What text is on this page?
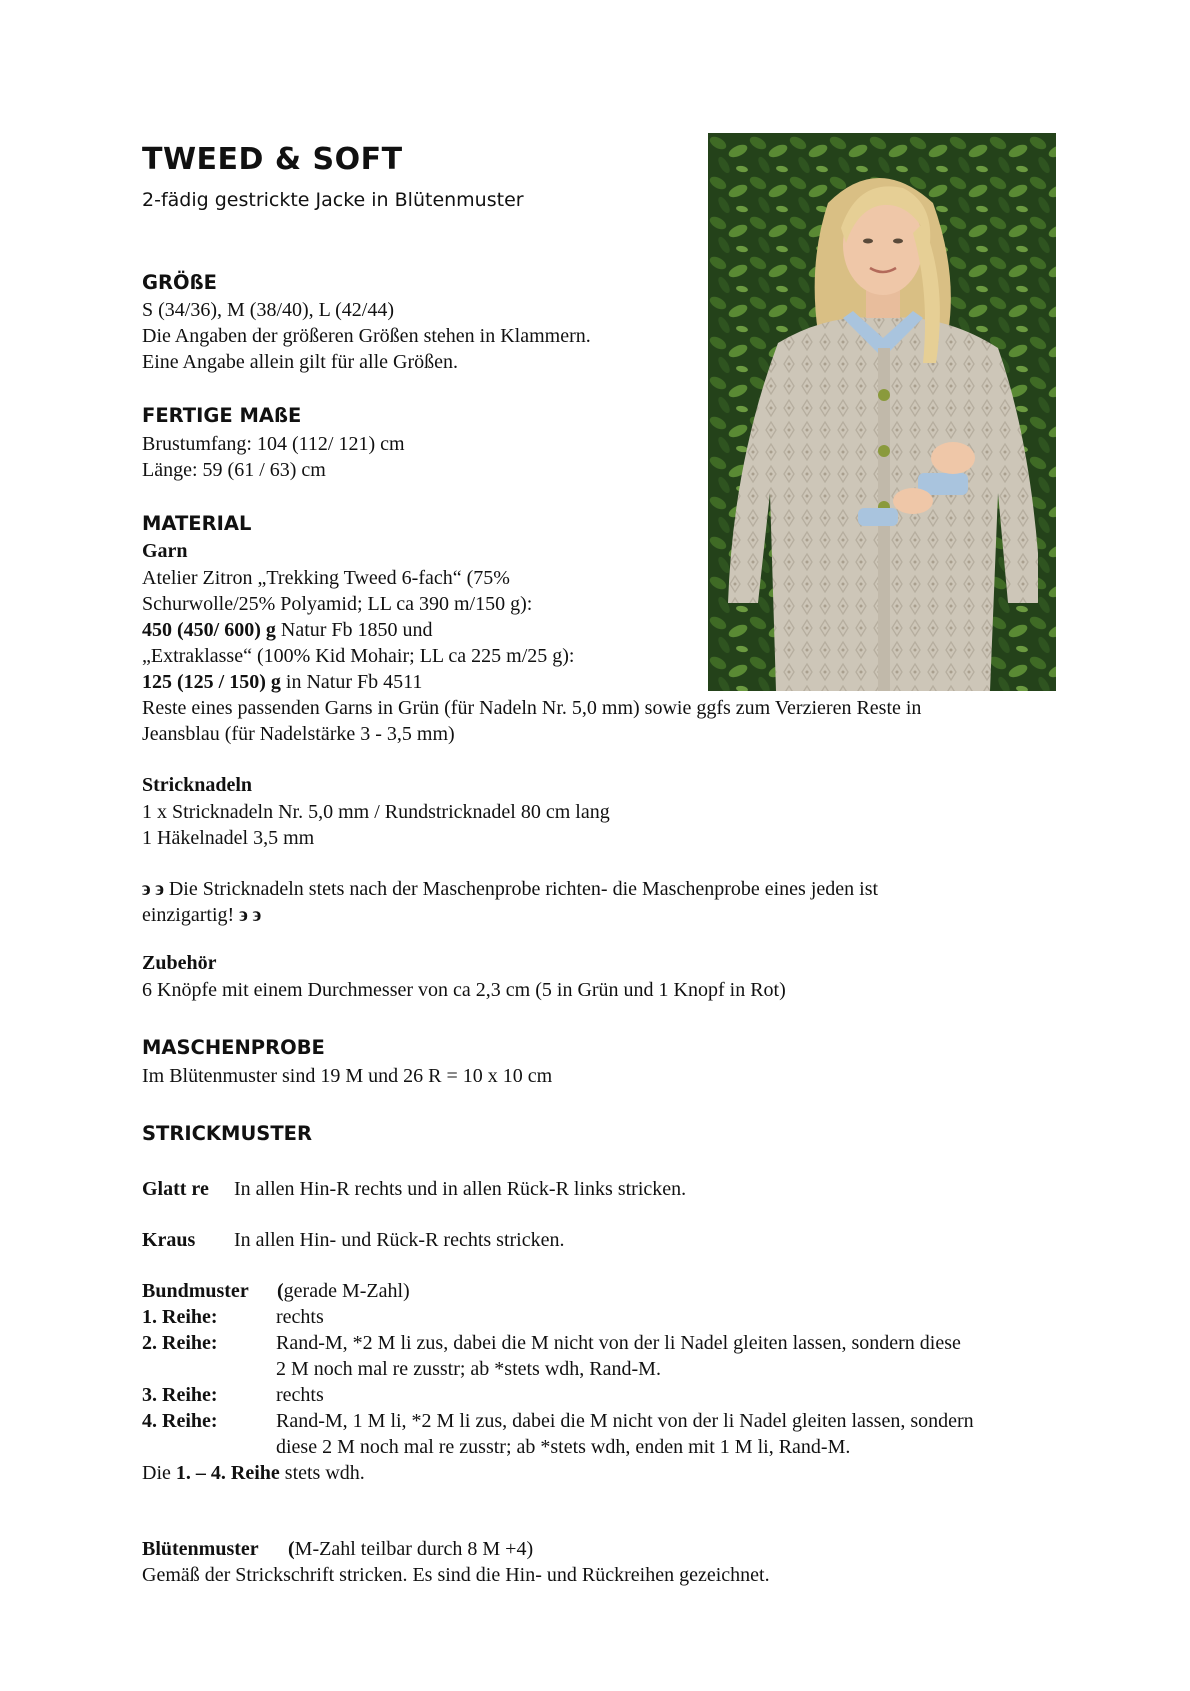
TWEED & SOFT

2-fädig gestrickte Jacke in Blütenmuster

GRÖßE

S (34/36), M (38/40), L (42/44)

Die Angaben der größeren Größen stehen in Klammern.

Eine Angabe allein gilt für alle Größen.

FERTIGE MAßE

Brustumfang: 104 (112/ 121) cm

Länge: 59 (61 / 63) cm

MATERIAL

Garn

Atelier Zitron „Trekking Tweed 6-fach“ (75%

Schurwolle/25% Polyamid; LL ca 390 m/150 g):

450 (450/ 600) g Natur Fb 1850 und

„Extraklasse“ (100% Kid Mohair; LL ca 225 m/25 g):

125 (125 / 150) g in Natur Fb 4511

Reste eines passenden Garns in Grün (für Nadeln Nr. 5,0 mm) sowie ggfs zum Verzieren Reste in

Jeansblau (für Nadelstärke 3 - 3,5 mm)

Stricknadeln

1 x Stricknadeln Nr. 5,0 mm / Rundstricknadel 80 cm lang

1 Häkelnadel 3,5 mm

϶ ϶ Die Stricknadeln stets nach der Maschenprobe richten- die Maschenprobe eines jeden ist

einzigartig! ϶ ϶

Zubehör

6 Knöpfe mit einem Durchmesser von ca 2,3 cm (5 in Grün und 1 Knopf in Rot)

MASCHENPROBE

Im Blütenmuster sind 19 M und 26 R = 10 x 10 cm

STRICKMUSTER
Glatt re In allen Hin-R rechts und in allen Rück-R links stricken.
Kraus In allen Hin- und Rück-R rechts stricken.
Bundmuster (gerade M-Zahl)
1. Reihe:	rechts
2. Reihe:	Rand-M, *2 M li zus, dabei die M nicht von der li Nadel gleiten lassen, sondern diese
2 M noch mal re zusstr; ab *stets wdh, Rand-M.
3. Reihe:	rechts
4. Reihe:	Rand-M, 1 M li, *2 M li zus, dabei die M nicht von der li Nadel gleiten lassen, sondern
diese 2 M noch mal re zusstr; ab *stets wdh, enden mit 1 M li, Rand-M.

Die 1. – 4. Reihe stets wdh.

Blütenmuster (M-Zahl teilbar durch 8 M +4)

Gemäß der Strickschrift stricken. Es sind die Hin- und Rückreihen gezeichnet.
